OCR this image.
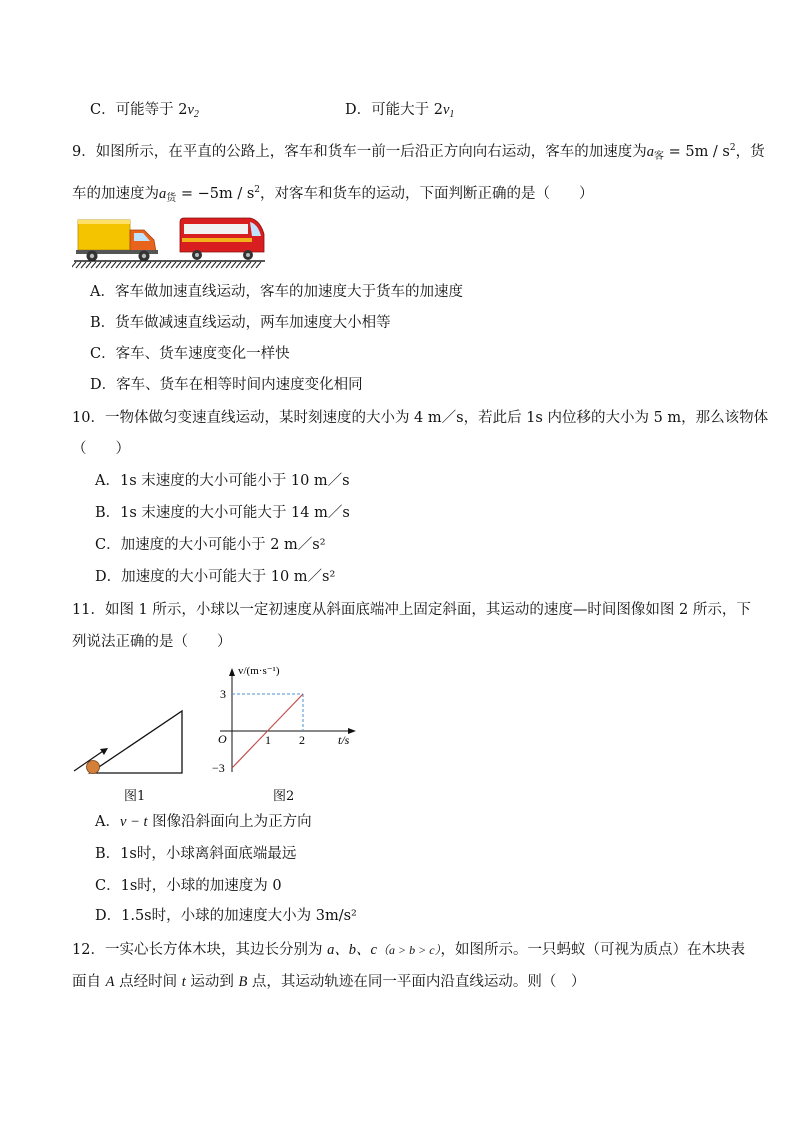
C．可能等于 $2v_2$	D．可能大于 $2v_1$
9．如图所示，在平直的公路上，客车和货车一前一后沿正方向向右运动，客车的加速度为$a_客 = 5m / s^2$，货
车的加速度为$a_货 = -5m / s^2$，对客车和货车的运动，下面判断正确的是（　　）
A．客车做加速直线运动，客车的加速度大于货车的加速度
B．货车做减速直线运动，两车加速度大小相等
C．客车、货车速度变化一样快
D．客车、货车在相等时间内速度变化相同
10．一物体做匀变速直线运动，某时刻速度的大小为 4 m／s，若此后 1s 内位移的大小为 5 m，那么该物体
（　　）
A．1s 末速度的大小可能小于 10 m／s
B．1s 末速度的大小可能大于 14 m／s
C．加速度的大小可能小于 2 m／s²
D．加速度的大小可能大于 10 m／s²
11．如图 1 所示，小球以一定初速度从斜面底端冲上固定斜面，其运动的速度—时间图像如图 2 所示，下
列说法正确的是（　　）
图1
v/(m·s⁻¹)
3
O
−3
1 2	t/s
图2
A．v − t 图像沿斜面向上为正方向
B．1s时，小球离斜面底端最远
C．1s时，小球的加速度为 0
D．1.5s时，小球的加速度大小为 3m/s²
12．一实心长方体木块，其边长分别为 a、b、c（a > b > c），如图所示。一只蚂蚁（可视为质点）在木块表
面自 A 点经时间 t 运动到 B 点，其运动轨迹在同一平面内沿直线运动。则（　）
